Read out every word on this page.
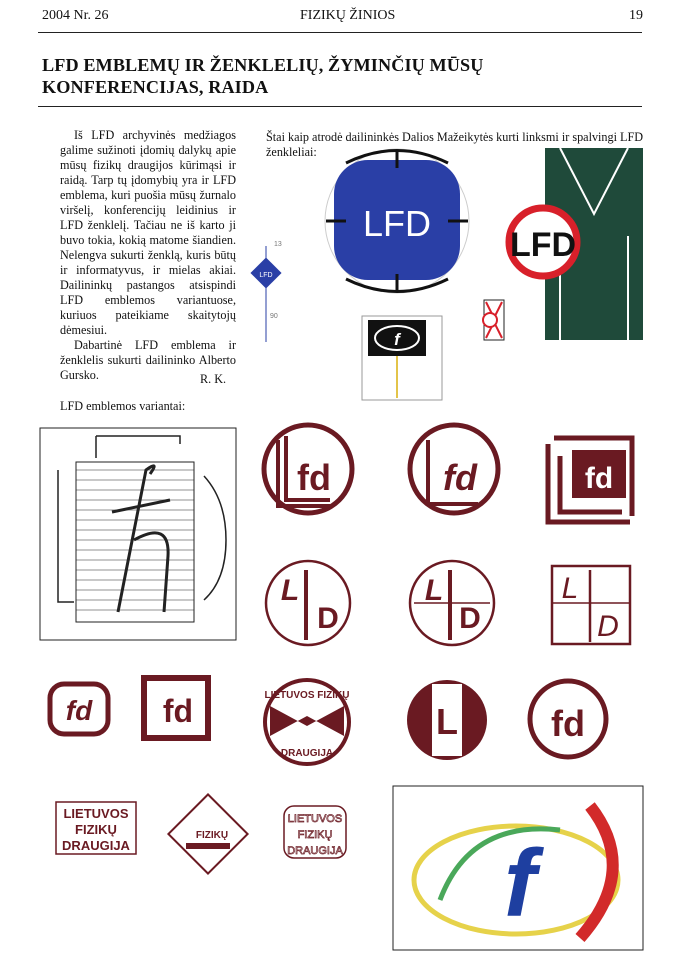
2004 Nr. 26	FIZIKŲ ŽINIOS	19
LFD EMBLEMŲ IR ŽENKLELIŲ, ŽYMINČIŲ MŪSŲ KONFERENCIJAS, RAIDA

Iš LFD archyvinės medžiagos galime sužinoti įdomių dalykų apie mūsų fizikų draugijos kūrimąsi ir raidą. Tarp tų įdomybių yra ir LFD emblema, kuri puošia mūsų žurnalo viršelį, konferencijų leidinius ir LFD ženklelį. Tačiau ne iš karto ji buvo tokia, kokią matome šiandien. Nelengva sukurti ženklą, kuris būtų ir informatyvus, ir mielas akiai. Dailininkų pastangos atsispindi LFD emblemos variantuose, kuriuos pateikiame skaitytojų dėmesiui.

Dabartinė LFD emblema ir ženklelis sukurti dailininko Alberto Gursko.	R. K.
Štai kaip atrodė dailininkės Dalios Mažeikytės kurti linksmi ir spalvingi LFD ženkleliai:
LFD emblemos variantai:
LFD
13
90
LFD
LFD
f
fd	fd	fd
L
D
L
D
L
D
fd fd	LIETUVOS FIZIKŲ
DRAUGIJA
L	fd
LIETUVOS
FIZIKŲ
DRAUGIJA
FIZIKŲ
LIETUVOS
FIZIKŲ
DRAUGIJA f
